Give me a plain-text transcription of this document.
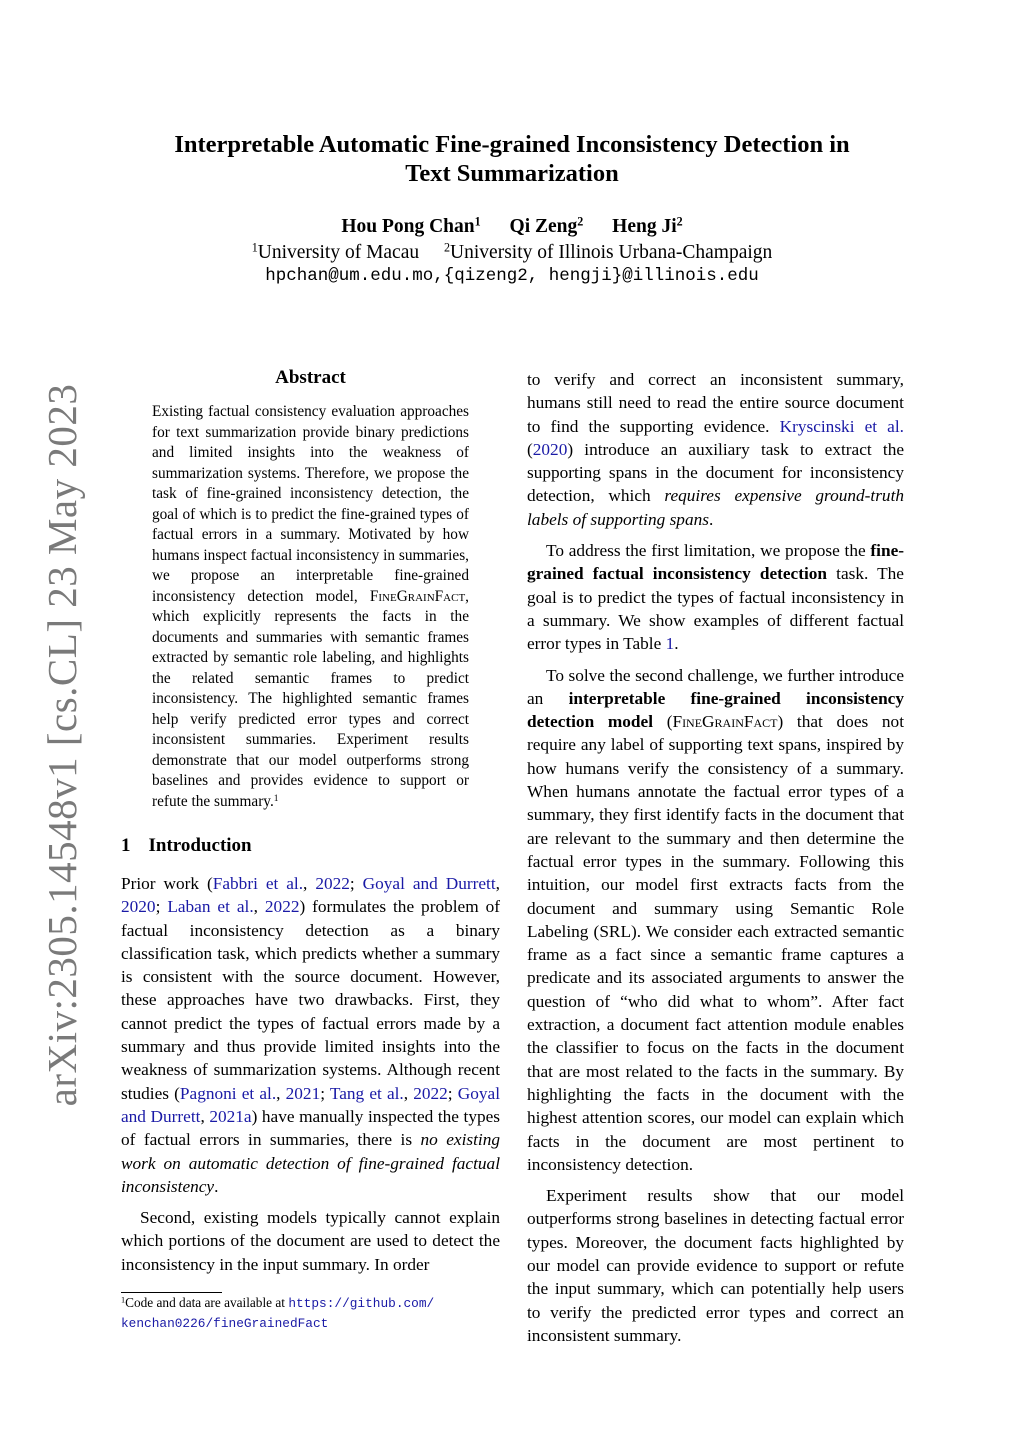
arXiv:2305.14548v1 [cs.CL] 23 May 2023
Interpretable Automatic Fine-grained Inconsistency Detection in
Text Summarization
Hou Pong Chan$^1$ Qi Zeng$^2$ Heng Ji$^2$
$^1$University of Macau $^2$University of Illinois Urbana-Champaign
hpchan@um.edu.mo,{qizeng2, hengji}@illinois.edu
Abstract

Existing factual consistency evaluation approaches for text summarization provide binary predictions and limited insights into the weakness of summarization systems. Therefore, we propose the task of fine-grained inconsistency detection, the goal of which is to predict the fine-grained types of factual errors in a summary. Motivated by how humans inspect factual inconsistency in summaries, we propose an interpretable fine-grained inconsistency detection model, FineGrainFact, which explicitly represents the facts in the documents and summaries with semantic frames extracted by semantic role labeling, and highlights the related semantic frames to predict inconsistency. The highlighted semantic frames help verify predicted error types and correct inconsistent summaries. Experiment results demonstrate that our model outperforms strong baselines and provides evidence to support or refute the summary.$^1$

1 Introduction

Prior work (Fabbri et al., 2022; Goyal and Durrett, 2020; Laban et al., 2022) formulates the problem of factual inconsistency detection as a binary classification task, which predicts whether a summary is consistent with the source document. However, these approaches have two drawbacks. First, they cannot predict the types of factual errors made by a summary and thus provide limited insights into the weakness of summarization systems. Although recent studies (Pagnoni et al., 2021; Tang et al., 2022; Goyal and Durrett, 2021a) have manually inspected the types of factual errors in summaries, there is no existing work on automatic detection of fine-grained factual inconsistency.

Second, existing models typically cannot explain which portions of the document are used to detect the inconsistency in the input summary. In order

$^1$Code and data are available at https://github.com/
kenchan0226/fineGrainedFact

to verify and correct an inconsistent summary, humans still need to read the entire source document to find the supporting evidence. Kryscinski et al. (2020) introduce an auxiliary task to extract the supporting spans in the document for inconsistency detection, which requires expensive ground-truth labels of supporting spans.

To address the first limitation, we propose the fine-grained factual inconsistency detection task. The goal is to predict the types of factual inconsistency in a summary. We show examples of different factual error types in Table 1.

To solve the second challenge, we further introduce an interpretable fine-grained inconsistency detection model (FineGrainFact) that does not require any label of supporting text spans, inspired by how humans verify the consistency of a summary. When humans annotate the factual error types of a summary, they first identify facts in the document that are relevant to the summary and then determine the factual error types in the summary. Following this intuition, our model first extracts facts from the document and summary using Semantic Role Labeling (SRL). We consider each extracted semantic frame as a fact since a semantic frame captures a predicate and its associated arguments to answer the question of “who did what to whom”. After fact extraction, a document fact attention module enables the classifier to focus on the facts in the document that are most related to the facts in the summary. By highlighting the facts in the document with the highest attention scores, our model can explain which facts in the document are most pertinent to inconsistency detection.

Experiment results show that our model outperforms strong baselines in detecting factual error types. Moreover, the document facts highlighted by our model can provide evidence to support or refute the input summary, which can potentially help users to verify the predicted error types and correct an inconsistent summary.
